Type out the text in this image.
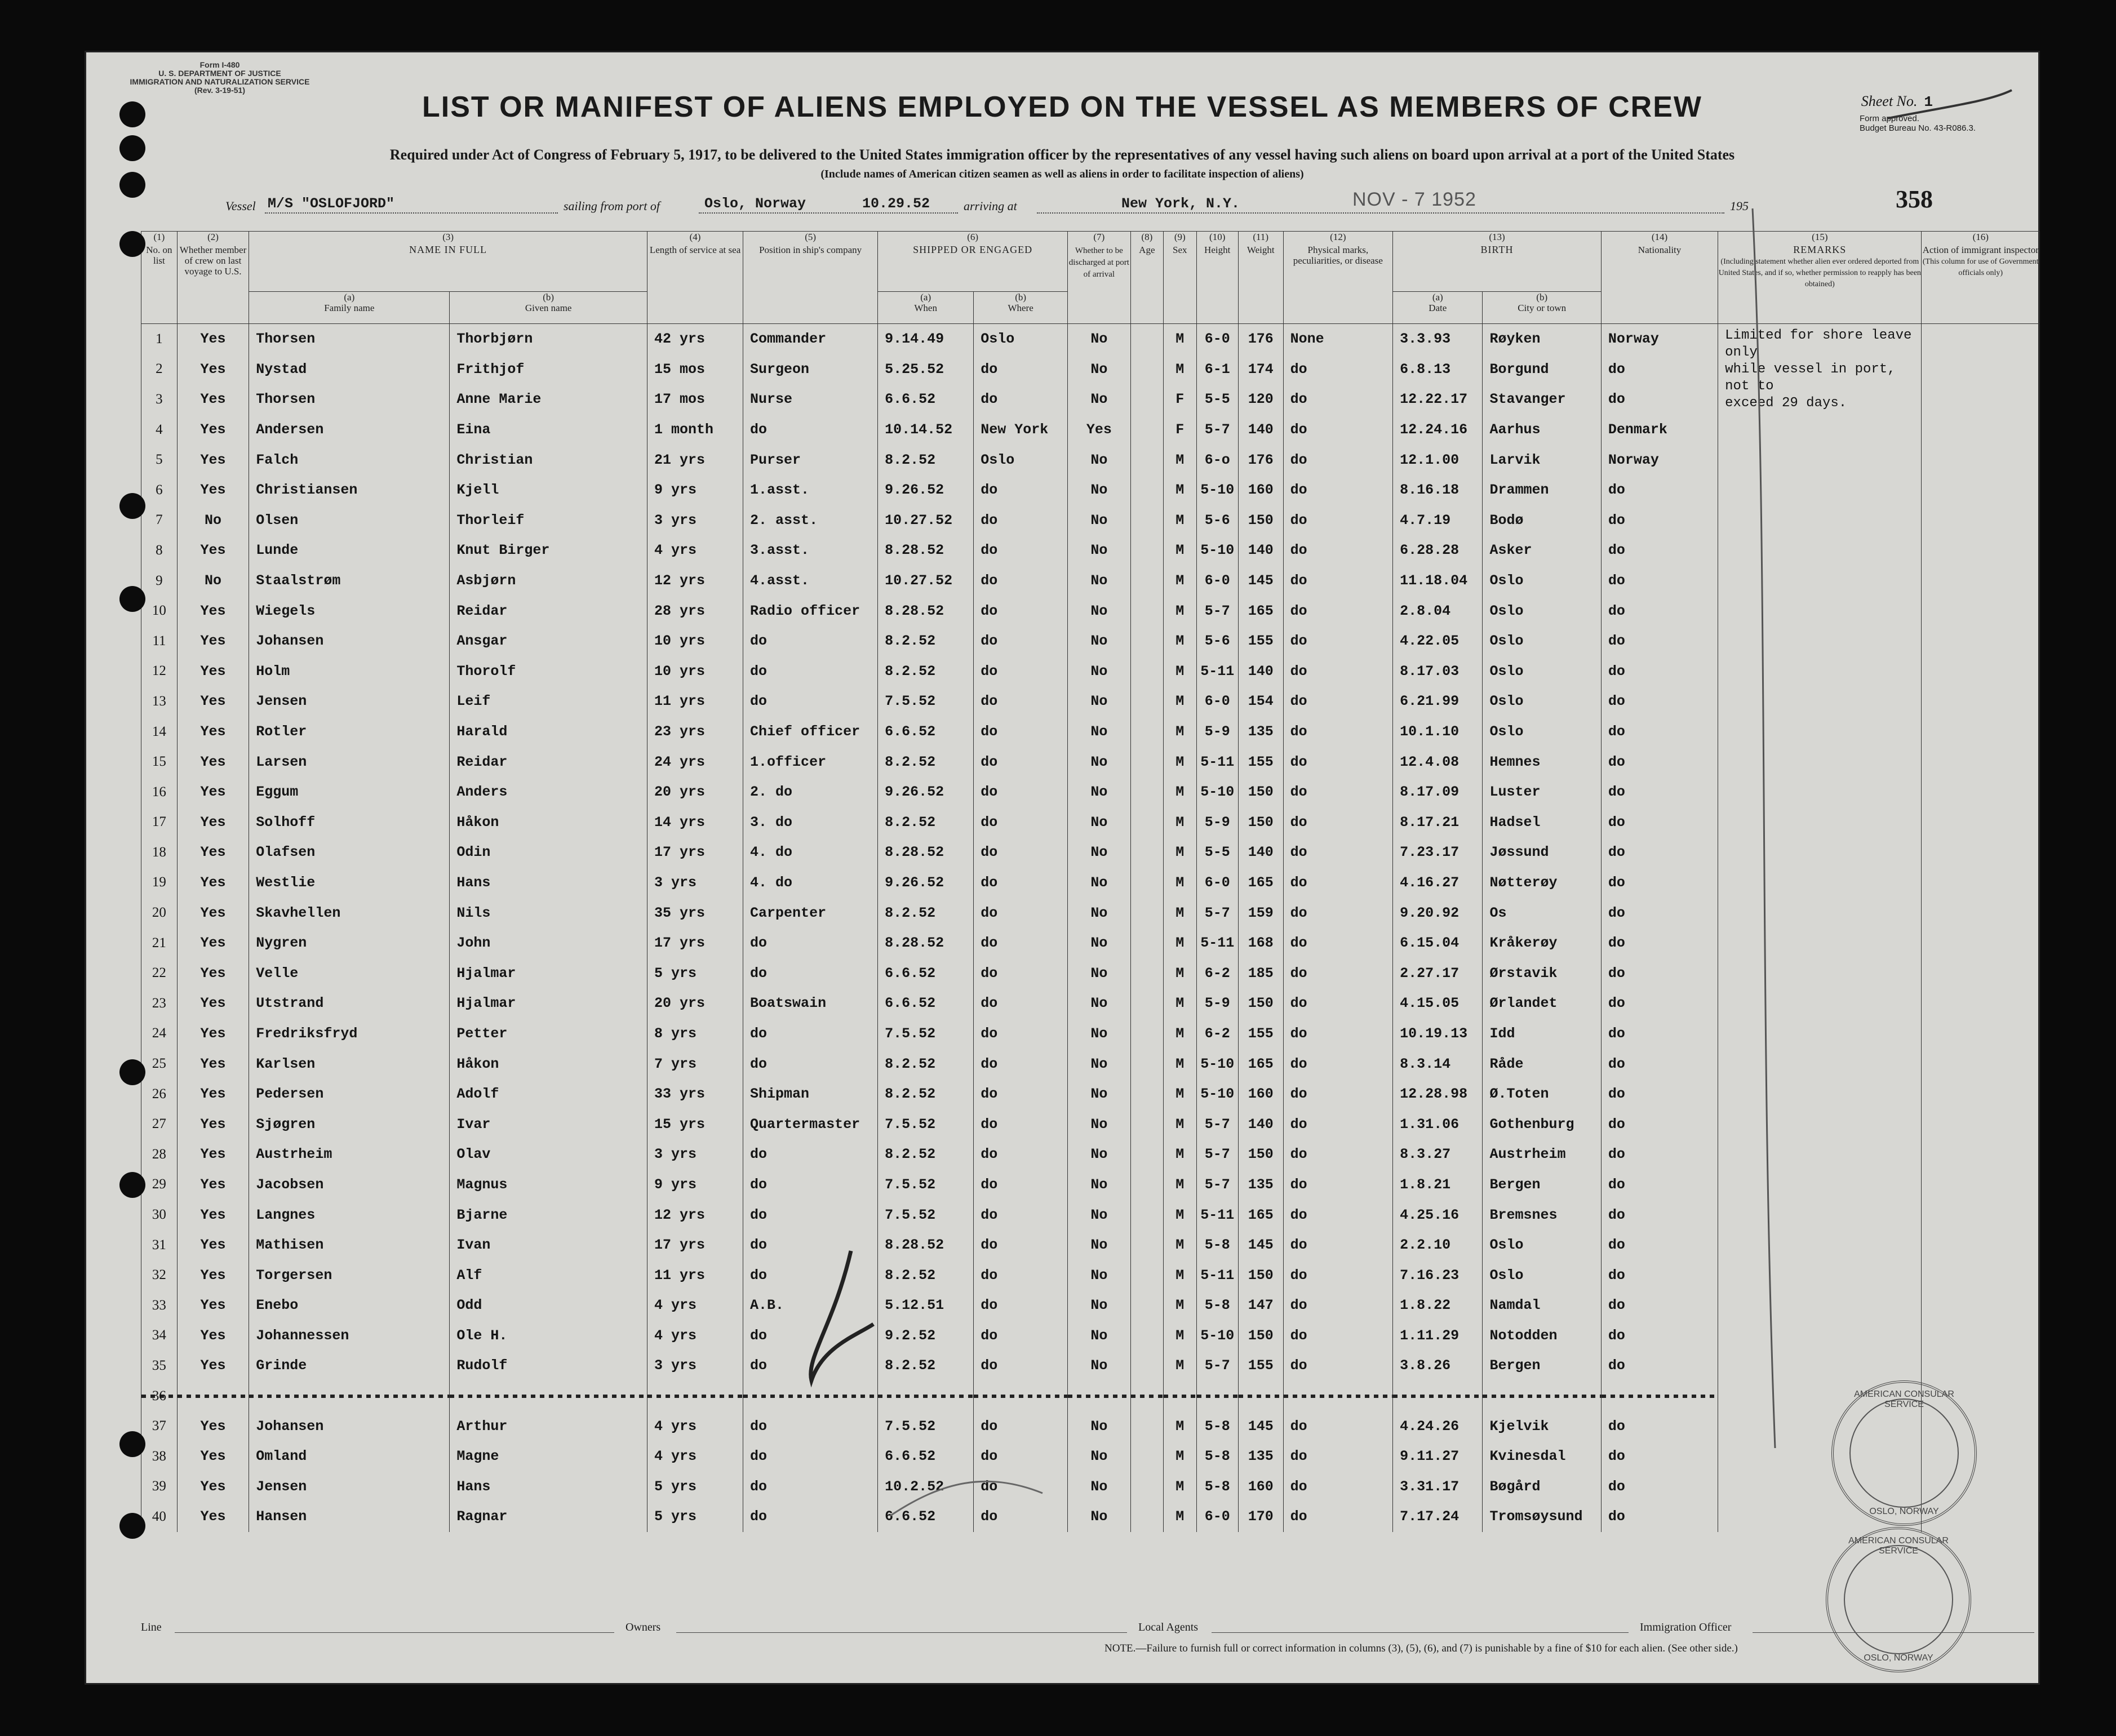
Form I-480
U. S. DEPARTMENT OF JUSTICE
IMMIGRATION AND NATURALIZATION SERVICE
(Rev. 3-19-51)
LIST OR MANIFEST OF ALIENS EMPLOYED ON THE VESSEL AS MEMBERS OF CREW	Sheet No. 1
Form approved.
Budget Bureau No. 43-R086.3.
Required under Act of Congress of February 5, 1917, to be delivered to the United States immigration officer by the representatives of any vessel having such aliens on board upon arrival at a port of the United States
(Include names of American citizen seamen as well as aliens in order to facilitate inspection of aliens)
Vessel M/S "OSLOFJORD"	sailing from port of	Oslo, Norway	10.29.52	arriving at	New York, N.Y.	NOV - 7 1952	195	358
(1)
No. on list	(2)
Whether member of crew on last voyage to U.S.	(3)
NAME IN FULL		(4)
Length of service at sea	(5)
Position in ship's company	(6)
SHIPPED OR ENGAGED		(7)
Whether to be discharged at port of arrival	(8)
Age	(9)
Sex	(10)
Height	(11)
Weight	(12)
Physical marks, peculiarities, or disease	(13)
BIRTH		(14)
Nationality	(15)
REMARKS
(Including statement whether alien ever ordered deported from United States, and if so, whether permission to reapply has been obtained)	(16)
Action of immigrant inspector
(This column for use of Government officials only)
		(a)
Family name	(b)
Given name			(a)
When	(b)
Where							(a)
Date	(b)
City or town			
1	Yes	Thorsen	Thorbjørn	42 yrs	Commander	9.14.49	Oslo	No		M	6-0	176	None	3.3.93	Røyken	Norway	Limited for shore leave only
while vessel in port, not to
exceed 29 days.	
2	Yes	Nystad	Frithjof	15 mos	Surgeon	5.25.52	do	No		M	6-1	174	do	6.8.13	Borgund	do		
3	Yes	Thorsen	Anne Marie	17 mos	Nurse	6.6.52	do	No		F	5-5	120	do	12.22.17	Stavanger	do		
4	Yes	Andersen	Eina	1 month	do	10.14.52	New York	Yes		F	5-7	140	do	12.24.16	Aarhus	Denmark		
5	Yes	Falch	Christian	21 yrs	Purser	8.2.52	Oslo	No		M	6-o	176	do	12.1.00	Larvik	Norway		
6	Yes	Christiansen	Kjell	9 yrs	1.asst.	9.26.52	do	No		M	5-10	160	do	8.16.18	Drammen	do		
7	No	Olsen	Thorleif	3 yrs	2. asst.	10.27.52	do	No		M	5-6	150	do	4.7.19	Bodø	do		
8	Yes	Lunde	Knut Birger	4 yrs	3.asst.	8.28.52	do	No		M	5-10	140	do	6.28.28	Asker	do		
9	No	Staalstrøm	Asbjørn	12 yrs	4.asst.	10.27.52	do	No		M	6-0	145	do	11.18.04	Oslo	do		
10	Yes	Wiegels	Reidar	28 yrs	Radio officer	8.28.52	do	No		M	5-7	165	do	2.8.04	Oslo	do		
11	Yes	Johansen	Ansgar	10 yrs	do	8.2.52	do	No		M	5-6	155	do	4.22.05	Oslo	do		
12	Yes	Holm	Thorolf	10 yrs	do	8.2.52	do	No		M	5-11	140	do	8.17.03	Oslo	do		
13	Yes	Jensen	Leif	11 yrs	do	7.5.52	do	No		M	6-0	154	do	6.21.99	Oslo	do		
14	Yes	Rotler	Harald	23 yrs	Chief officer	6.6.52	do	No		M	5-9	135	do	10.1.10	Oslo	do		
15	Yes	Larsen	Reidar	24 yrs	1.officer	8.2.52	do	No		M	5-11	155	do	12.4.08	Hemnes	do		
16	Yes	Eggum	Anders	20 yrs	2. do	9.26.52	do	No		M	5-10	150	do	8.17.09	Luster	do		
17	Yes	Solhoff	Håkon	14 yrs	3. do	8.2.52	do	No		M	5-9	150	do	8.17.21	Hadsel	do		
18	Yes	Olafsen	Odin	17 yrs	4. do	8.28.52	do	No		M	5-5	140	do	7.23.17	Jøssund	do		
19	Yes	Westlie	Hans	3 yrs	4. do	9.26.52	do	No		M	6-0	165	do	4.16.27	Nøtterøy	do		
20	Yes	Skavhellen	Nils	35 yrs	Carpenter	8.2.52	do	No		M	5-7	159	do	9.20.92	Os	do		
21	Yes	Nygren	John	17 yrs	do	8.28.52	do	No		M	5-11	168	do	6.15.04	Kråkerøy	do		
22	Yes	Velle	Hjalmar	5 yrs	do	6.6.52	do	No		M	6-2	185	do	2.27.17	Ørstavik	do		
23	Yes	Utstrand	Hjalmar	20 yrs	Boatswain	6.6.52	do	No		M	5-9	150	do	4.15.05	Ørlandet	do		
24	Yes	Fredriksfryd	Petter	8 yrs	do	7.5.52	do	No		M	6-2	155	do	10.19.13	Idd	do		
25	Yes	Karlsen	Håkon	7 yrs	do	8.2.52	do	No		M	5-10	165	do	8.3.14	Råde	do		
26	Yes	Pedersen	Adolf	33 yrs	Shipman	8.2.52	do	No		M	5-10	160	do	12.28.98	Ø.Toten	do		
27	Yes	Sjøgren	Ivar	15 yrs	Quartermaster	7.5.52	do	No		M	5-7	140	do	1.31.06	Gothenburg	do		
28	Yes	Austrheim	Olav	3 yrs	do	8.2.52	do	No		M	5-7	150	do	8.3.27	Austrheim	do		
29	Yes	Jacobsen	Magnus	9 yrs	do	7.5.52	do	No		M	5-7	135	do	1.8.21	Bergen	do		
30	Yes	Langnes	Bjarne	12 yrs	do	7.5.52	do	No		M	5-11	165	do	4.25.16	Bremsnes	do		
31	Yes	Mathisen	Ivan	17 yrs	do	8.28.52	do	No		M	5-8	145	do	2.2.10	Oslo	do		
32	Yes	Torgersen	Alf	11 yrs	do	8.2.52	do	No		M	5-11	150	do	7.16.23	Oslo	do		
33	Yes	Enebo	Odd	4 yrs	A.B.	5.12.51	do	No		M	5-8	147	do	1.8.22	Namdal	do		
34	Yes	Johannessen	Ole H.	4 yrs	do	9.2.52	do	No		M	5-10	150	do	1.11.29	Notodden	do		
35	Yes	Grinde	Rudolf	3 yrs	do	8.2.52	do	No		M	5-7	155	do	3.8.26	Bergen	do		
36																		
37	Yes	Johansen	Arthur	4 yrs	do	7.5.52	do	No		M	5-8	145	do	4.24.26	Kjelvik	do		
38	Yes	Omland	Magne	4 yrs	do	6.6.52	do	No		M	5-8	135	do	9.11.27	Kvinesdal	do		
39	Yes	Jensen	Hans	5 yrs	do	10.2.52	do	No		M	5-8	160	do	3.31.17	Bøgård	do		
40	Yes	Hansen	Ragnar	5 yrs	do	6.6.52	do	No		M	6-0	170	do	7.17.24	Tromsøysund	do		
Line	Owners	Local Agents	Immigration Officer
NOTE.—Failure to furnish full or correct information in columns (3), (5), (6), and (7) is punishable by a fine of $10 for each alien. (See other side.)
AMERICAN CONSULAR SERVICE
OSLO, NORWAY
AMERICAN CONSULAR SERVICE
OSLO, NORWAY
